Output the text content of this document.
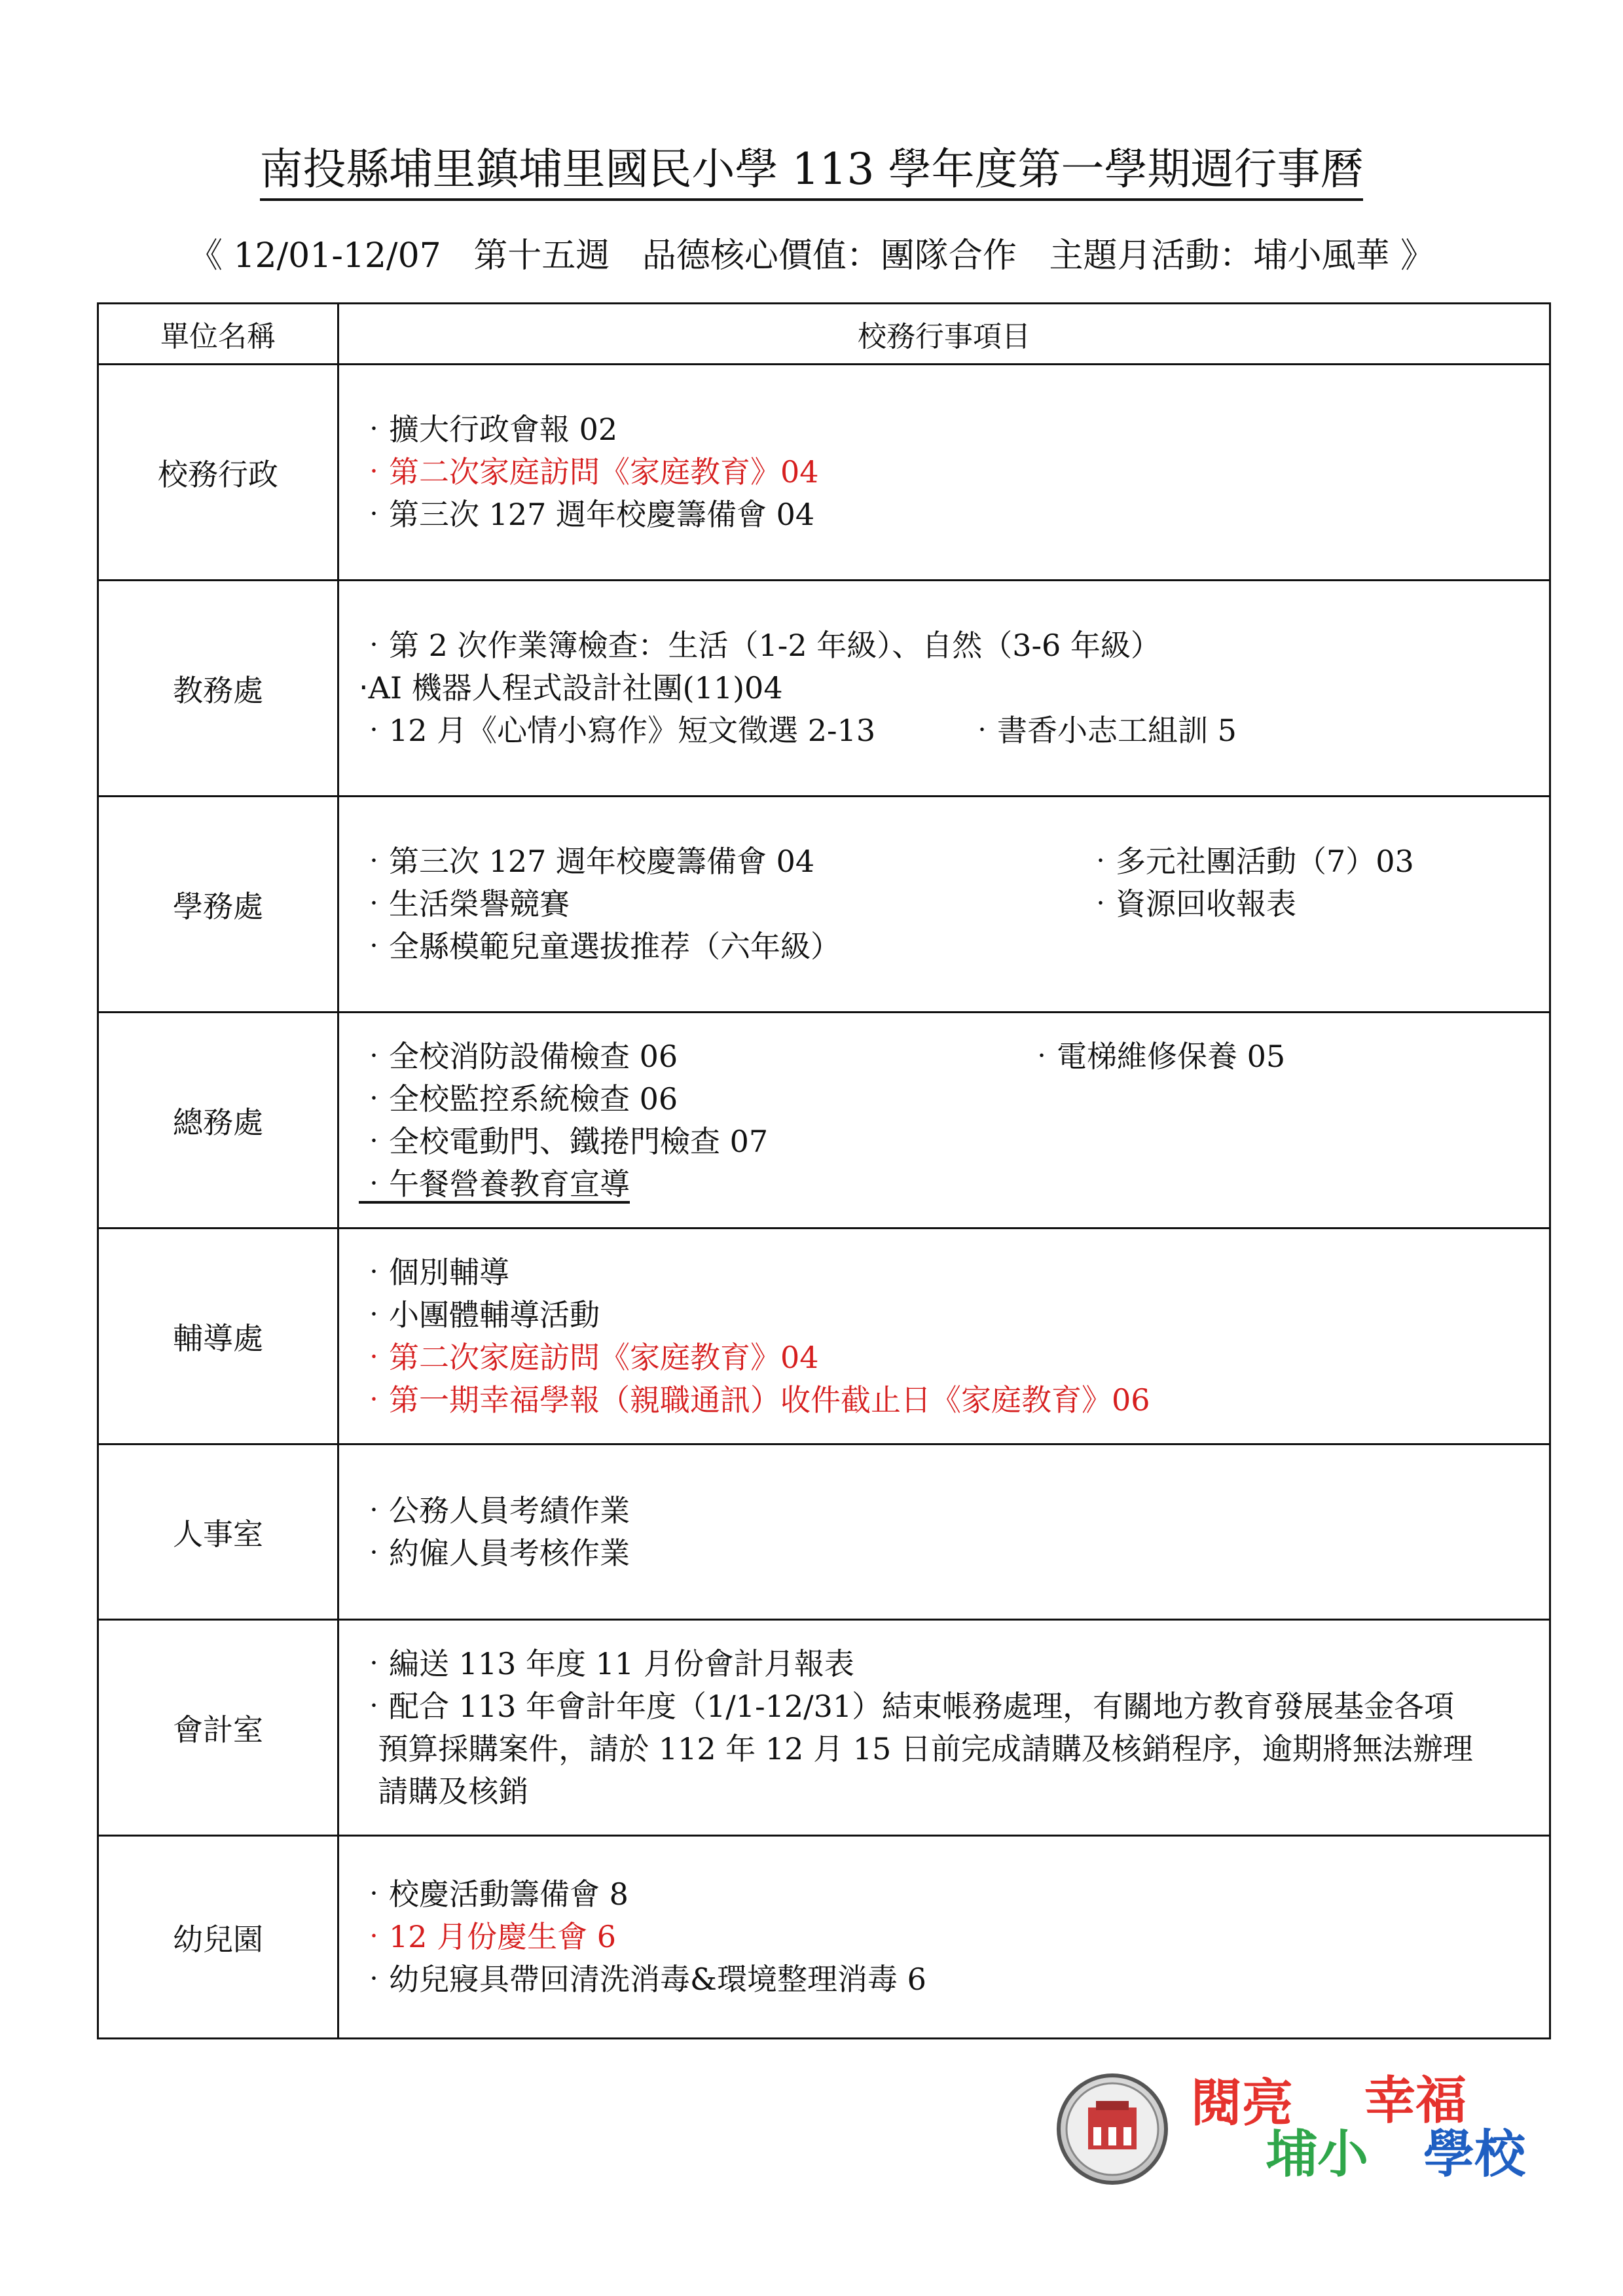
南投縣埔里鎮埔里國民小學 113 學年度第一學期週行事曆
《 12/01-12/07   第十五週   品德核心價值：團隊合作   主題月活動：埔小風華 》
單位名稱	校務行事項目
校務行政	‧擴大行政會報 02
‧第二次家庭訪問《家庭教育》04
‧第三次 127 週年校慶籌備會 04

教務處	‧第 2 次作業簿檢查：生活（1-2 年級）、自然（3-6 年級）
‧AI 機器人程式設計社團(11)04
‧12 月《心情小寫作》短文徵選 2-13 ‧書香小志工組訓 5

學務處	‧第三次 127 週年校慶籌備會 04 ‧多元社團活動（7）03
‧生活榮譽競賽 ‧資源回收報表
‧全縣模範兒童選拔推荐（六年級）

總務處	‧全校消防設備檢查 06 ‧電梯維修保養 05
‧全校監控系統檢查 06
‧全校電動門、鐵捲門檢查 07
‧午餐營養教育宣導

輔導處	‧個別輔導
‧小團體輔導活動
‧第二次家庭訪問《家庭教育》04
‧第一期幸福學報（親職通訊）收件截止日《家庭教育》06

人事室	‧公務人員考績作業
‧約僱人員考核作業

會計室	‧編送 113 年度 11 月份會計月報表
‧配合 113 年會計年度（1/1-12/31）結束帳務處理，有關地方教育發展基金各項
預算採購案件，請於 112 年 12 月 15 日前完成請購及核銷程序，逾期將無法辦理
請購及核銷

幼兒園	‧校慶活動籌備會 8
‧12 月份慶生會 6
‧幼兒寢具帶回清洗消毒&環境整理消毒 6
閱亮 幸福
埔小 學校
